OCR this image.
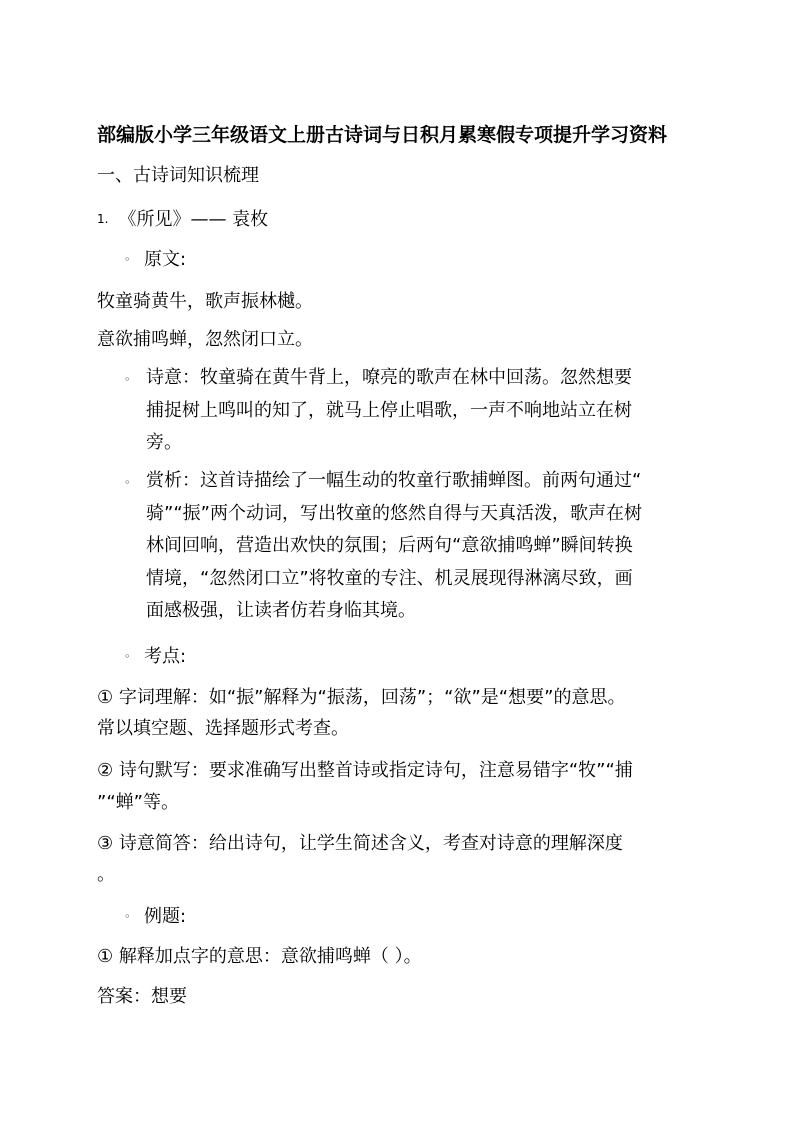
部编版小学三年级语文上册古诗词与日积月累寒假专项提升学习资料
一、古诗词知识梳理
1. 《所见》—— 袁枚
◦ 原文:
牧童骑黄牛，歌声振林樾。
意欲捕鸣蝉，忽然闭口立。
◦ 诗意：牧童骑在黄牛背上，嘹亮的歌声在林中回荡。忽然想要
捕捉树上鸣叫的知了，就马上停止唱歌，一声不响地站立在树
旁。
◦ 赏析：这首诗描绘了一幅生动的牧童行歌捕蝉图。前两句通过“
骑”“振”两个动词，写出牧童的悠然自得与天真活泼，歌声在树
林间回响，营造出欢快的氛围；后两句“意欲捕鸣蝉”瞬间转换
情境，“忽然闭口立”将牧童的专注、机灵展现得淋漓尽致，画
面感极强，让读者仿若身临其境。
◦ 考点:
① 字词理解：如“振”解释为“振荡，回荡”；“欲”是“想要”的意思。
常以填空题、选择题形式考查。
② 诗句默写：要求准确写出整首诗或指定诗句，注意易错字“牧”“捕
”“蝉”等。
③ 诗意简答：给出诗句，让学生简述含义，考查对诗意的理解深度
。
◦ 例题:
① 解释加点字的意思：意欲捕鸣蝉（ ）。
答案：想要
